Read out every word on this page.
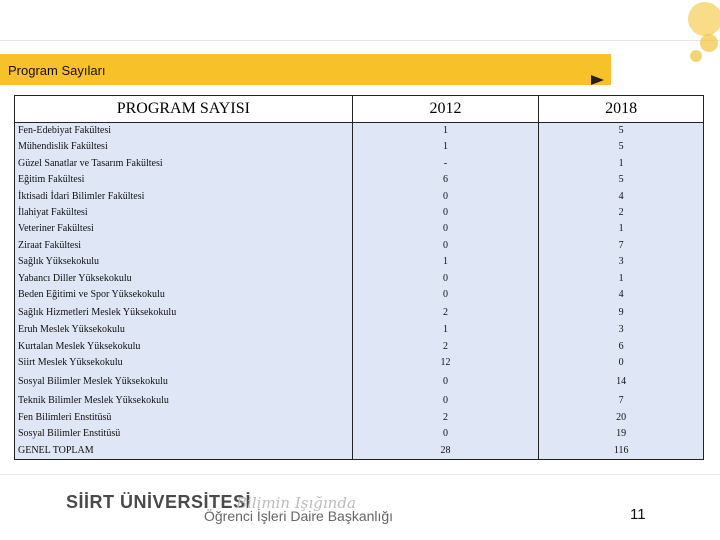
Program Sayıları
PROGRAM SAYISI	2012	2018
Fen-Edebiyat Fakültesi	1	5
Mühendislik Fakültesi	1	5
Güzel Sanatlar ve Tasarım Fakültesi	-	1
Eğitim Fakültesi	6	5
İktisadi İdari Bilimler Fakültesi	0	4
İlahiyat Fakültesi	0	2
Veteriner Fakültesi	0	1
Ziraat Fakültesi	0	7
Sağlık Yüksekokulu	1	3
Yabancı Diller Yüksekokulu	0	1
Beden Eğitimi ve Spor Yüksekokulu	0	4
Sağlık Hizmetleri Meslek Yüksekokulu	2	9
Eruh Meslek Yüksekokulu	1	3
Kurtalan Meslek Yüksekokulu	2	6
Siirt Meslek Yüksekokulu	12	0
Sosyal Bilimler Meslek Yüksekokulu	0	14
Teknik Bilimler Meslek Yüksekokulu	0	7
Fen Bilimleri Enstitüsü	2	20
Sosyal Bilimler Enstitüsü	0	19
GENEL TOPLAM	28	116
SİİRT ÜNİVERSİTESİ
Bilimin Işığında
Öğrenci İşleri Daire Başkanlığı	11
